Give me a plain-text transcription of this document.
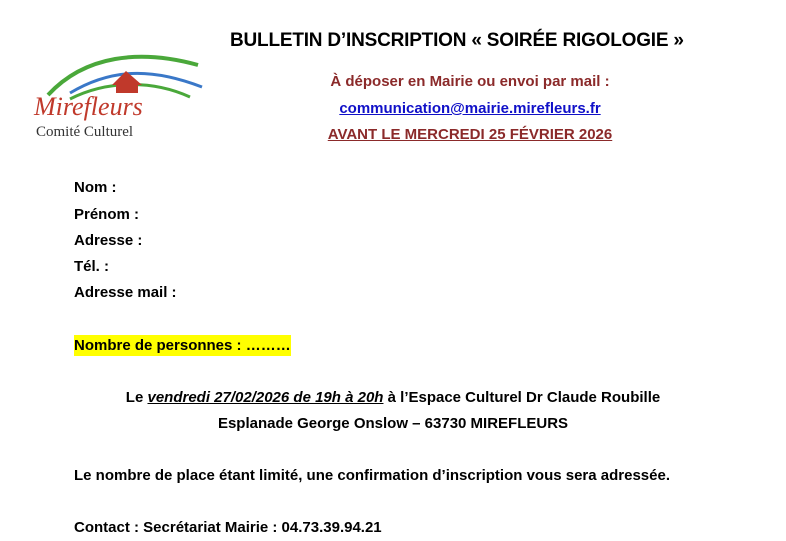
Mirefleurs
Comité Culturel
BULLETIN D’INSCRIPTION « SOIRÉE RIGOLOGIE »
À déposer en Mairie ou envoi par mail :
communication@mairie.mirefleurs.fr
AVANT LE MERCREDI 25 FÉVRIER 2026
Nom :
Prénom :
Adresse :
Tél. :
Adresse mail :
Nombre de personnes : ………
Le vendredi 27/02/2026 de 19h à 20h à l’Espace Culturel Dr Claude Roubille
Esplanade George Onslow – 63730 MIREFLEURS
Le nombre de place étant limité, une confirmation d’inscription vous sera adressée.
Contact : Secrétariat Mairie : 04.73.39.94.21
